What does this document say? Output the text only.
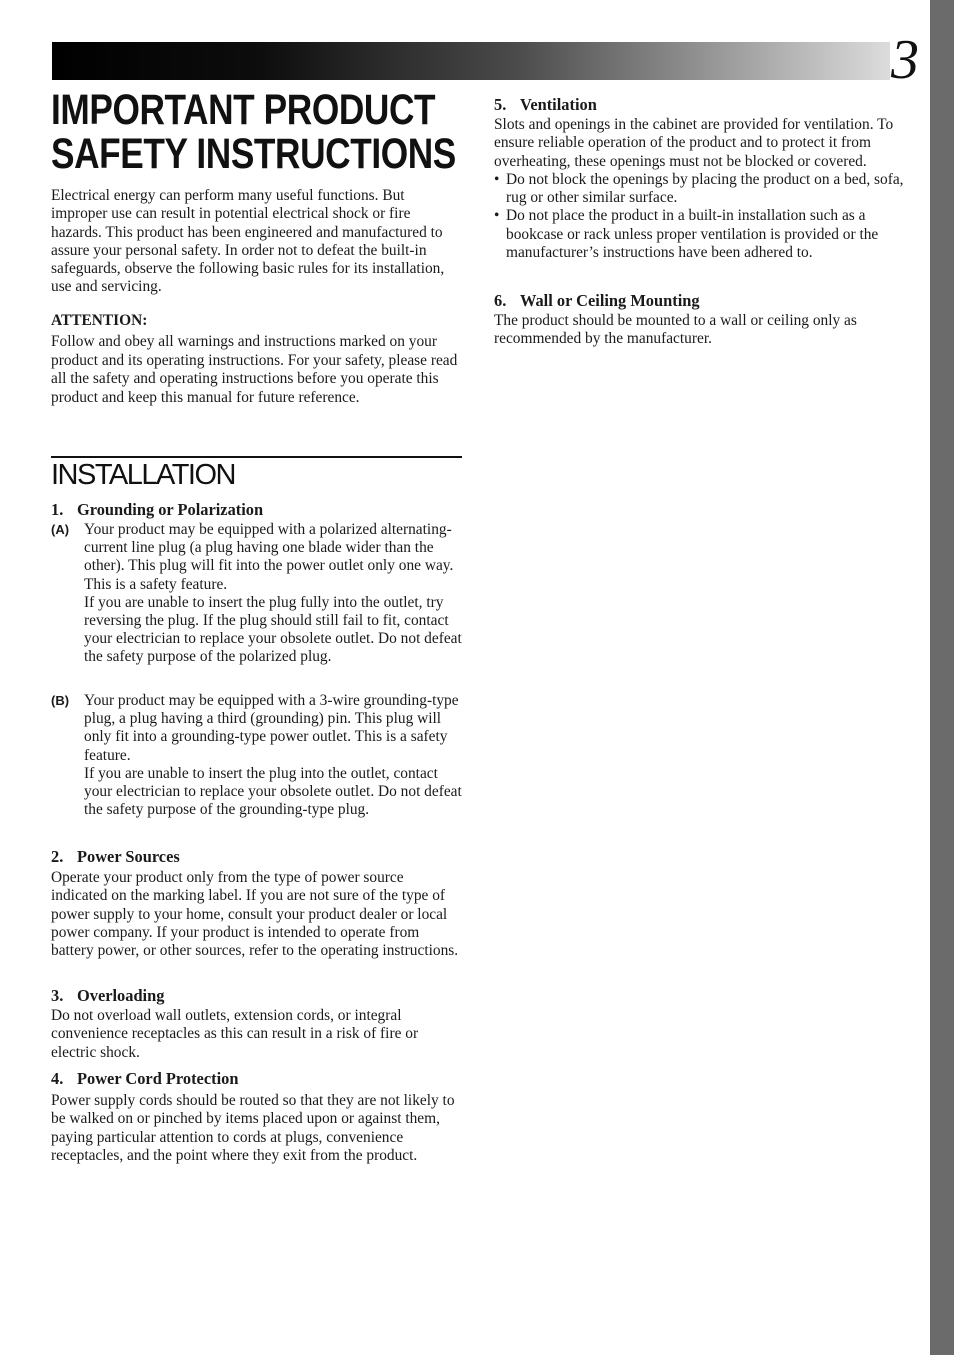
3
IMPORTANT PRODUCT
SAFETY INSTRUCTIONS

Electrical energy can perform many useful functions. But improper use can result in potential electrical shock or fire hazards. This product has been engineered and manufactured to assure your personal safety. In order not to defeat the built-in safeguards, observe the following basic rules for its installation, use and servicing.

ATTENTION:

Follow and obey all warnings and instructions marked on your product and its operating instructions. For your safety, please read all the safety and operating instructions before you operate this product and keep this manual for future reference.

INSTALLATION
1. Grounding or Polarization
(A) Your product may be equipped with a polarized alternating-current line plug (a plug having one blade wider than the other). This plug will fit into the power outlet only one way. This is a safety feature.

If you are unable to insert the plug fully into the outlet, try reversing the plug. If the plug should still fail to fit, contact your electrician to replace your obsolete outlet. Do not defeat the safety purpose of the polarized plug.

(B) Your product may be equipped with a 3-wire grounding-type plug, a plug having a third (grounding) pin. This plug will only fit into a grounding-type power outlet. This is a safety feature.

If you are unable to insert the plug into the outlet, contact your electrician to replace your obsolete outlet. Do not defeat the safety purpose of the grounding-type plug.

2. Power Sources

Operate your product only from the type of power source indicated on the marking label. If you are not sure of the type of power supply to your home, consult your product dealer or local power company. If your product is intended to operate from battery power, or other sources, refer to the operating instructions.

3. Overloading

Do not overload wall outlets, extension cords, or integral convenience receptacles as this can result in a risk of fire or electric shock.

4. Power Cord Protection

Power supply cords should be routed so that they are not likely to be walked on or pinched by items placed upon or against them, paying particular attention to cords at plugs, convenience receptacles, and the point where they exit from the product.

5. Ventilation

Slots and openings in the cabinet are provided for ventilation. To ensure reliable operation of the product and to protect it from overheating, these openings must not be blocked or covered.

• Do not block the openings by placing the product on a bed, sofa, rug or other similar surface.
• Do not place the product in a built-in installation such as a bookcase or rack unless proper ventilation is provided or the manufacturer’s instructions have been adhered to.
6. Wall or Ceiling Mounting

The product should be mounted to a wall or ceiling only as recommended by the manufacturer.
